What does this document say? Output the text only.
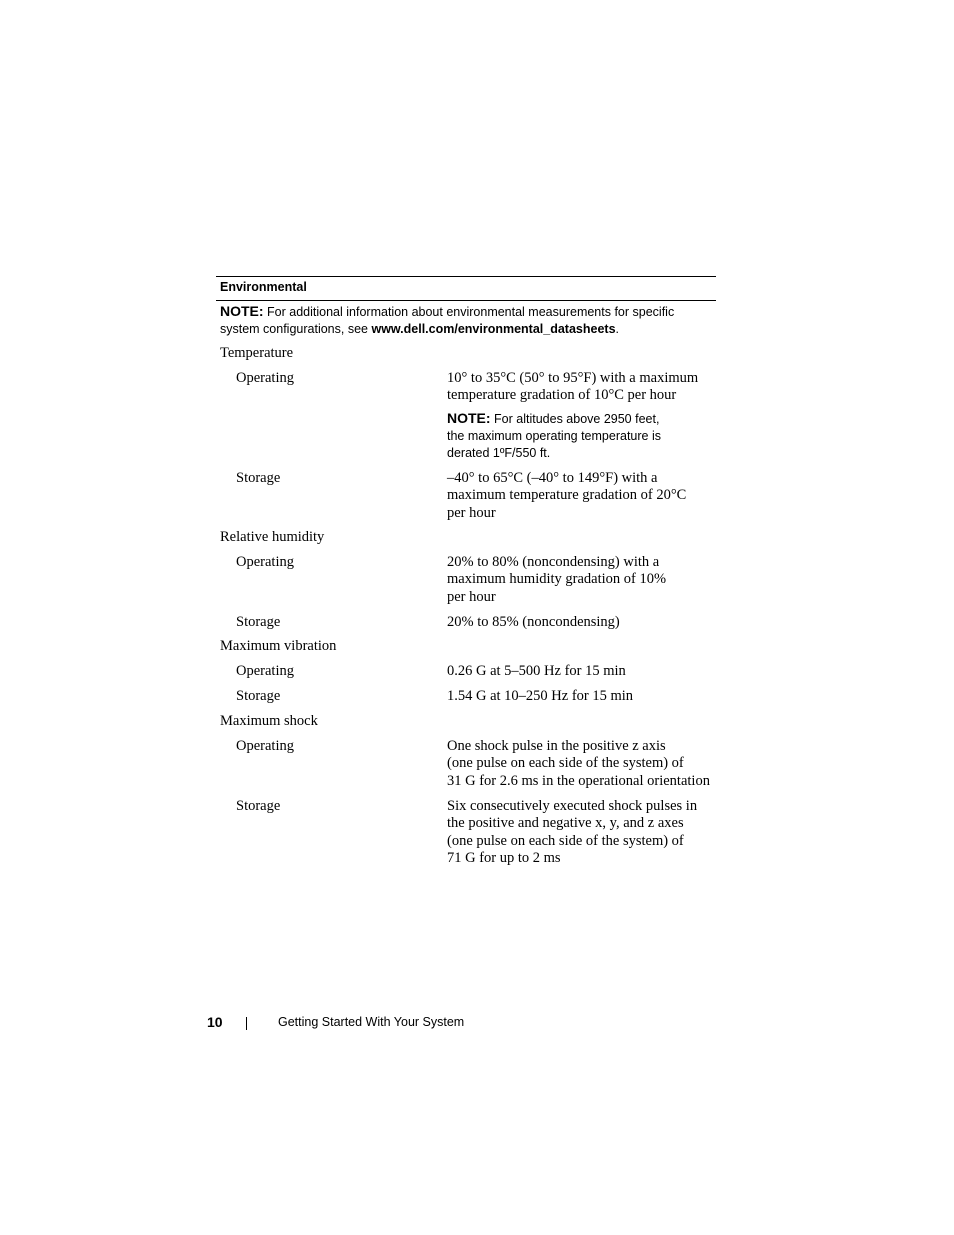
Environmental
NOTE: For additional information about environmental measurements for specific
system configurations, see www.dell.com/environmental_datasheets.
Temperature
Operating	10° to 35°C (50° to 95°F) with a maximum
temperature gradation of 10°C per hour
NOTE: For altitudes above 2950 feet,
the maximum operating temperature is
derated 1ºF/550 ft.
Storage	–40° to 65°C (–40° to 149°F) with a
maximum temperature gradation of 20°C
per hour
Relative humidity
Operating	20% to 80% (noncondensing) with a
maximum humidity gradation of 10%
per hour
Storage	20% to 85% (noncondensing)
Maximum vibration
Operating	0.26 G at 5–500 Hz for 15 min
Storage	1.54 G at 10–250 Hz for 15 min
Maximum shock
Operating	One shock pulse in the positive z axis
(one pulse on each side of the system) of
31 G for 2.6 ms in the operational orientation
Storage	Six consecutively executed shock pulses in
the positive and negative x, y, and z axes
(one pulse on each side of the system) of
71 G for up to 2 ms
10	Getting Started With Your System
